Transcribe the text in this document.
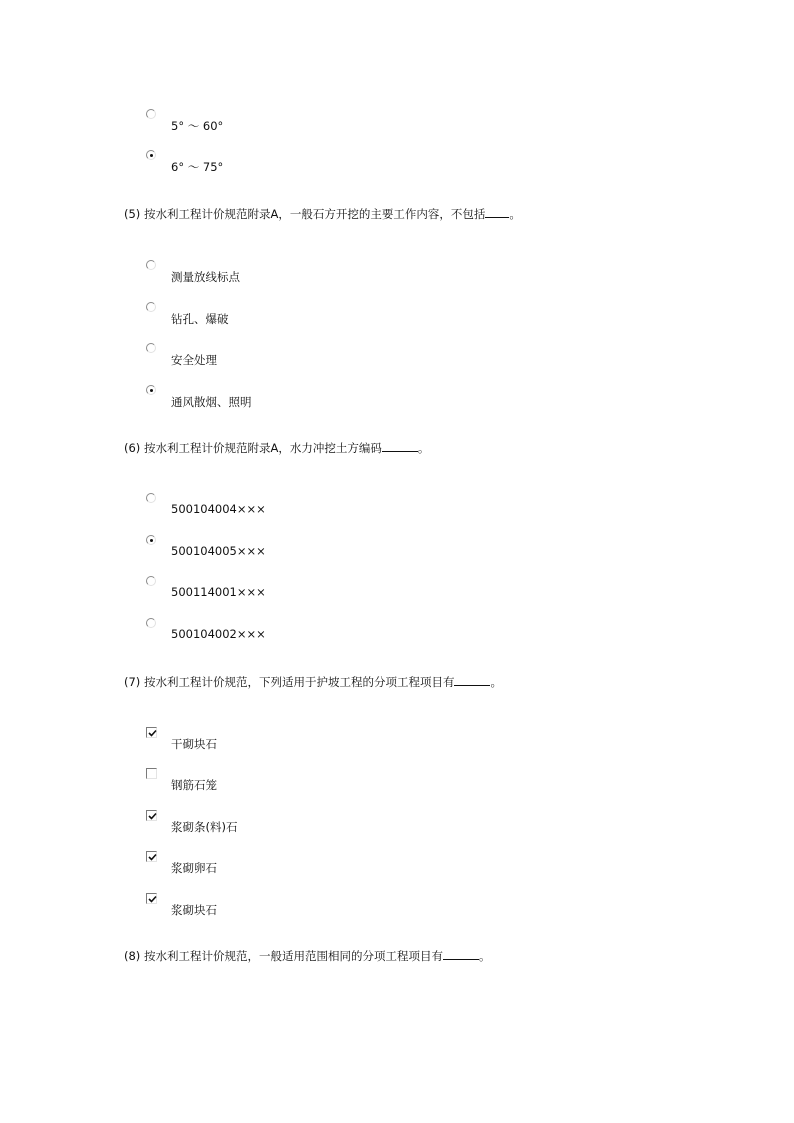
5° ～ 60°
6° ～ 75°
(5) 按水利工程计价规范附录A，一般石方开挖的主要工作内容，不包括 。
测量放线标点
钻孔、爆破
安全处理
通风散烟、照明
(6) 按水利工程计价规范附录A，水力冲挖土方编码	。
500104004×××
500104005×××
500114001×××
500104002×××
(7) 按水利工程计价规范，下列适用于护坡工程的分项工程项目有	。
干砌块石
钢筋石笼
浆砌条(料)石
浆砌卵石
浆砌块石
(8) 按水利工程计价规范，一般适用范围相同的分项工程项目有	。
